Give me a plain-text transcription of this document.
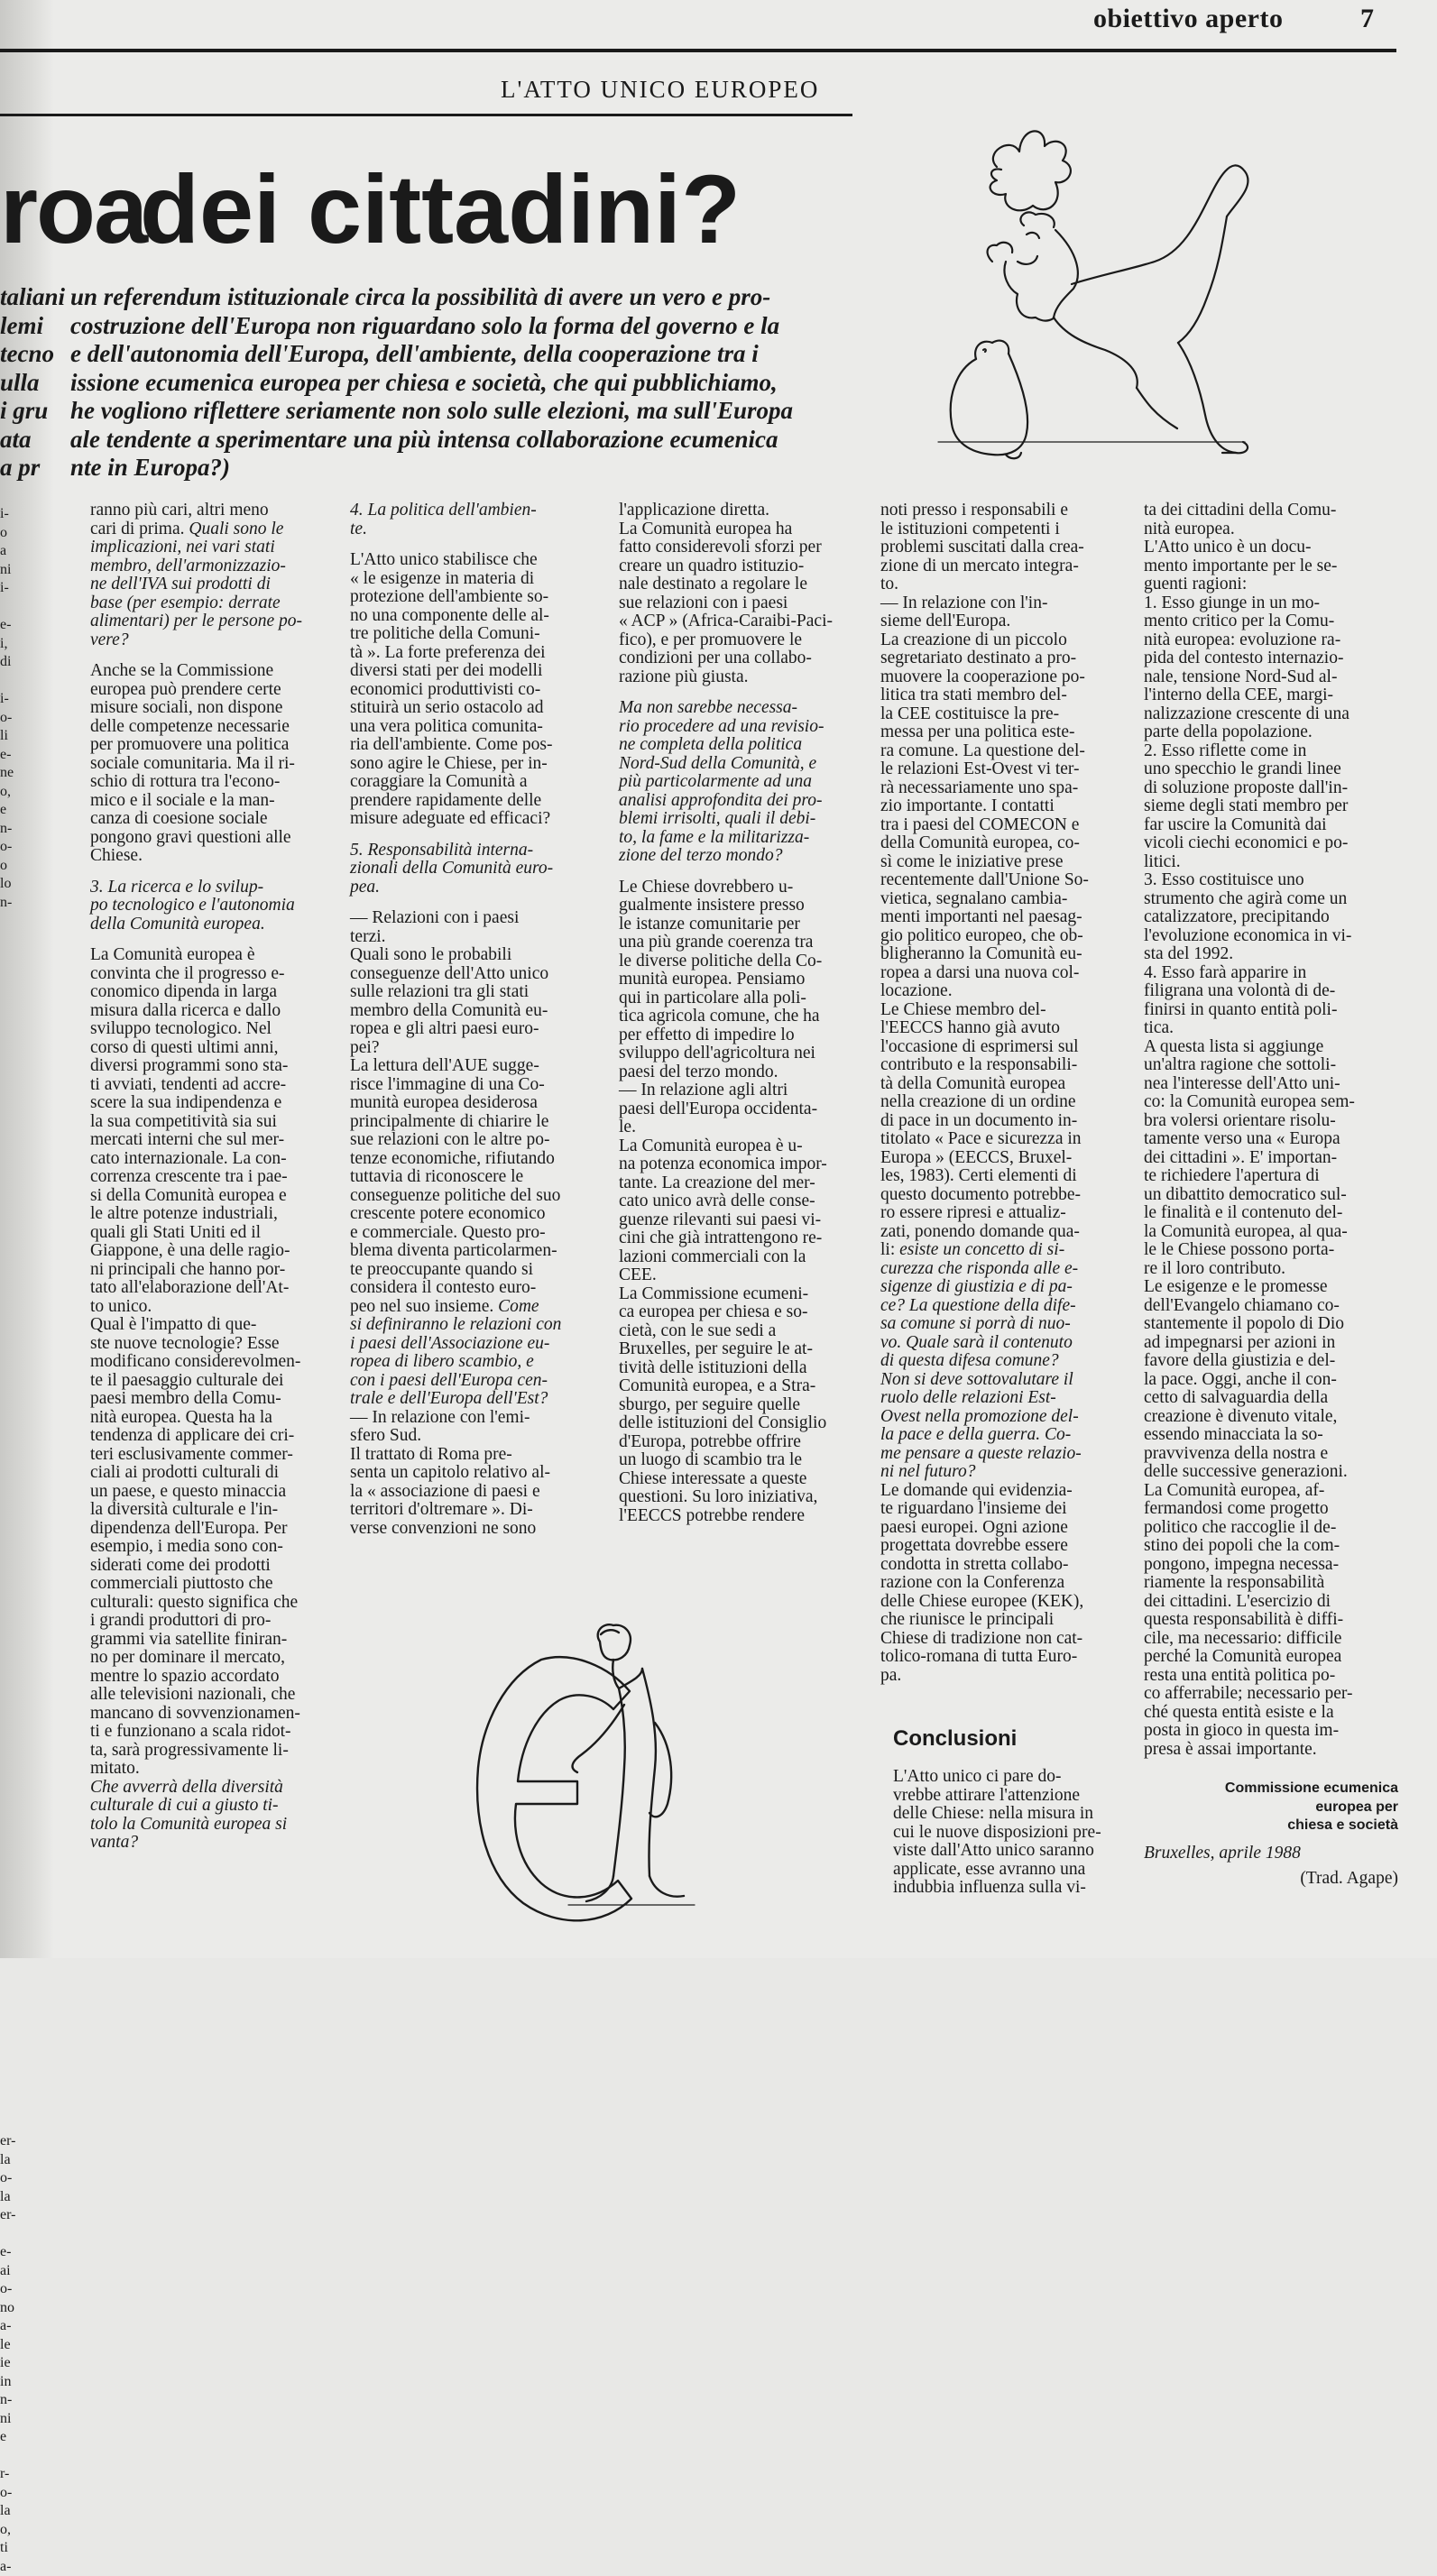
obiettivo aperto	7
L'ATTO UNICO EUROPEO
roa
dei cittadini?
taliani
lemi
tecno
ulla
i gru
ata
a pr
un referendum istituzionale circa la possibilità di avere un vero e pro-
costruzione dell'Europa non riguardano solo la forma del governo e la
e dell'autonomia dell'Europa, dell'ambiente, della cooperazione tra i
issione ecumenica europea per chiesa e società, che qui pubblichiamo,
he vogliono riflettere seriamente non solo sulle elezioni, ma sull'Europa
ale tendente a sperimentare una più intensa collaborazione ecumenica
nte in Europa?)
i-
o
a
ni
i-
e-
i,
di
i-
o-
li
e-
ne
o,
e
n-
o-
o
lo
n-
er-
la
o-
la
er-
e-
ai
o-
no
a-
le
ie
in
n-
ni
e
r-
o-
la
o,
ti
a-
ranno più cari, altri meno
cari di prima. Quali sono le
implicazioni, nei vari stati
membro, dell'armonizzazio-
ne dell'IVA sui prodotti di
base (per esempio: derrate
alimentari) per le persone po-
vere?
Anche se la Commissione
europea può prendere certe
misure sociali, non dispone
delle competenze necessarie
per promuovere una politica
sociale comunitaria. Ma il ri-
schio di rottura tra l'econo-
mico e il sociale e la man-
canza di coesione sociale
pongono gravi questioni alle
Chiese.
3. La ricerca e lo svilup-
po tecnologico e l'autonomia
della Comunità europea.
La Comunità europea è
convinta che il progresso e-
conomico dipenda in larga
misura dalla ricerca e dallo
sviluppo tecnologico. Nel
corso di questi ultimi anni,
diversi programmi sono sta-
ti avviati, tendenti ad accre-
scere la sua indipendenza e
la sua competitività sia sui
mercati interni che sul mer-
cato internazionale. La con-
correnza crescente tra i pae-
si della Comunità europea e
le altre potenze industriali,
quali gli Stati Uniti ed il
Giappone, è una delle ragio-
ni principali che hanno por-
tato all'elaborazione dell'At-
to unico.
Qual è l'impatto di que-
ste nuove tecnologie? Esse
modificano considerevolmen-
te il paesaggio culturale dei
paesi membro della Comu-
nità europea. Questa ha la
tendenza di applicare dei cri-
teri esclusivamente commer-
ciali ai prodotti culturali di
un paese, e questo minaccia
la diversità culturale e l'in-
dipendenza dell'Europa. Per
esempio, i media sono con-
siderati come dei prodotti
commerciali piuttosto che
culturali: questo significa che
i grandi produttori di pro-
grammi via satellite finiran-
no per dominare il mercato,
mentre lo spazio accordato
alle televisioni nazionali, che
mancano di sovvenzionamen-
ti e funzionano a scala ridot-
ta, sarà progressivamente li-
mitato.
Che avverrà della diversità
culturale di cui a giusto ti-
tolo la Comunità europea si
vanta?
4. La politica dell'ambien-
te.
L'Atto unico stabilisce che
« le esigenze in materia di
protezione dell'ambiente so-
no una componente delle al-
tre politiche della Comuni-
tà ». La forte preferenza dei
diversi stati per dei modelli
economici produttivisti co-
stituirà un serio ostacolo ad
una vera politica comunita-
ria dell'ambiente. Come pos-
sono agire le Chiese, per in-
coraggiare la Comunità a
prendere rapidamente delle
misure adeguate ed efficaci?
5. Responsabilità interna-
zionali della Comunità euro-
pea.
— Relazioni con i paesi
terzi.
Quali sono le probabili
conseguenze dell'Atto unico
sulle relazioni tra gli stati
membro della Comunità eu-
ropea e gli altri paesi euro-
pei?
La lettura dell'AUE sugge-
risce l'immagine di una Co-
munità europea desiderosa
principalmente di chiarire le
sue relazioni con le altre po-
tenze economiche, rifiutando
tuttavia di riconoscere le
conseguenze politiche del suo
crescente potere economico
e commerciale. Questo pro-
blema diventa particolarmen-
te preoccupante quando si
considera il contesto euro-
peo nel suo insieme. Come
si definiranno le relazioni con
i paesi dell'Associazione eu-
ropea di libero scambio, e
con i paesi dell'Europa cen-
trale e dell'Europa dell'Est?
— In relazione con l'emi-
sfero Sud.
Il trattato di Roma pre-
senta un capitolo relativo al-
la « associazione di paesi e
territori d'oltremare ». Di-
verse convenzioni ne sono
l'applicazione diretta.
La Comunità europea ha
fatto considerevoli sforzi per
creare un quadro istituzio-
nale destinato a regolare le
sue relazioni con i paesi
« ACP » (Africa-Caraibi-Paci-
fico), e per promuovere le
condizioni per una collabo-
razione più giusta.
Ma non sarebbe necessa-
rio procedere ad una revisio-
ne completa della politica
Nord-Sud della Comunità, e
più particolarmente ad una
analisi approfondita dei pro-
blemi irrisolti, quali il debi-
to, la fame e la militarizza-
zione del terzo mondo?
Le Chiese dovrebbero u-
gualmente insistere presso
le istanze comunitarie per
una più grande coerenza tra
le diverse politiche della Co-
munità europea. Pensiamo
qui in particolare alla poli-
tica agricola comune, che ha
per effetto di impedire lo
sviluppo dell'agricoltura nei
paesi del terzo mondo.
— In relazione agli altri
paesi dell'Europa occidenta-
le.
La Comunità europea è u-
na potenza economica impor-
tante. La creazione del mer-
cato unico avrà delle conse-
guenze rilevanti sui paesi vi-
cini che già intrattengono re-
lazioni commerciali con la
CEE.
La Commissione ecumeni-
ca europea per chiesa e so-
cietà, con le sue sedi a
Bruxelles, per seguire le at-
tività delle istituzioni della
Comunità europea, e a Stra-
sburgo, per seguire quelle
delle istituzioni del Consiglio
d'Europa, potrebbe offrire
un luogo di scambio tra le
Chiese interessate a queste
questioni. Su loro iniziativa,
l'EECCS potrebbe rendere
noti presso i responsabili e
le istituzioni competenti i
problemi suscitati dalla crea-
zione di un mercato integra-
to.
— In relazione con l'in-
sieme dell'Europa.
La creazione di un piccolo
segretariato destinato a pro-
muovere la cooperazione po-
litica tra stati membro del-
la CEE costituisce la pre-
messa per una politica este-
ra comune. La questione del-
le relazioni Est-Ovest vi ter-
rà necessariamente uno spa-
zio importante. I contatti
tra i paesi del COMECON e
della Comunità europea, co-
sì come le iniziative prese
recentemente dall'Unione So-
vietica, segnalano cambia-
menti importanti nel paesag-
gio politico europeo, che ob-
bligheranno la Comunità eu-
ropea a darsi una nuova col-
locazione.
Le Chiese membro del-
l'EECCS hanno già avuto
l'occasione di esprimersi sul
contributo e la responsabili-
tà della Comunità europea
nella creazione di un ordine
di pace in un documento in-
titolato « Pace e sicurezza in
Europa » (EECCS, Bruxel-
les, 1983). Certi elementi di
questo documento potrebbe-
ro essere ripresi e attualiz-
zati, ponendo domande qua-
li: esiste un concetto di si-
curezza che risponda alle e-
sigenze di giustizia e di pa-
ce? La questione della dife-
sa comune si porrà di nuo-
vo. Quale sarà il contenuto
di questa difesa comune?
Non si deve sottovalutare il
ruolo delle relazioni Est-
Ovest nella promozione del-
la pace e della guerra. Co-
me pensare a queste relazio-
ni nel futuro?
Le domande qui evidenzia-
te riguardano l'insieme dei
paesi europei. Ogni azione
progettata dovrebbe essere
condotta in stretta collabo-
razione con la Conferenza
delle Chiese europee (KEK),
che riunisce le principali
Chiese di tradizione non cat-
tolico-romana di tutta Euro-
pa.
ta dei cittadini della Comu-
nità europea.
L'Atto unico è un docu-
mento importante per le se-
guenti ragioni:
1. Esso giunge in un mo-
mento critico per la Comu-
nità europea: evoluzione ra-
pida del contesto internazio-
nale, tensione Nord-Sud al-
l'interno della CEE, margi-
nalizzazione crescente di una
parte della popolazione.
2. Esso riflette come in
uno specchio le grandi linee
di soluzione proposte dall'in-
sieme degli stati membro per
far uscire la Comunità dai
vicoli ciechi economici e po-
litici.
3. Esso costituisce uno
strumento che agirà come un
catalizzatore, precipitando
l'evoluzione economica in vi-
sta del 1992.
4. Esso farà apparire in
filigrana una volontà di de-
finirsi in quanto entità poli-
tica.
A questa lista si aggiunge
un'altra ragione che sottoli-
nea l'interesse dell'Atto uni-
co: la Comunità europea sem-
bra volersi orientare risolu-
tamente verso una « Europa
dei cittadini ». E' importan-
te richiedere l'apertura di
un dibattito democratico sul-
le finalità e il contenuto del-
la Comunità europea, al qua-
le le Chiese possono porta-
re il loro contributo.
Le esigenze e le promesse
dell'Evangelo chiamano co-
stantemente il popolo di Dio
ad impegnarsi per azioni in
favore della giustizia e del-
la pace. Oggi, anche il con-
cetto di salvaguardia della
creazione è divenuto vitale,
essendo minacciata la so-
pravvivenza della nostra e
delle successive generazioni.
La Comunità europea, af-
fermandosi come progetto
politico che raccoglie il de-
stino dei popoli che la com-
pongono, impegna necessa-
riamente la responsabilità
dei cittadini. L'esercizio di
questa responsabilità è diffi-
cile, ma necessario: difficile
perché la Comunità europea
resta una entità politica po-
co afferrabile; necessario per-
ché questa entità esiste e la
posta in gioco in questa im-
presa è assai importante.
Conclusioni
L'Atto unico ci pare do-
vrebbe attirare l'attenzione
delle Chiese: nella misura in
cui le nuove disposizioni pre-
viste dall'Atto unico saranno
applicate, esse avranno una
indubbia influenza sulla vi-
Commissione ecumenica
europea per
chiesa e società
Bruxelles, aprile 1988
(Trad. Agape)
